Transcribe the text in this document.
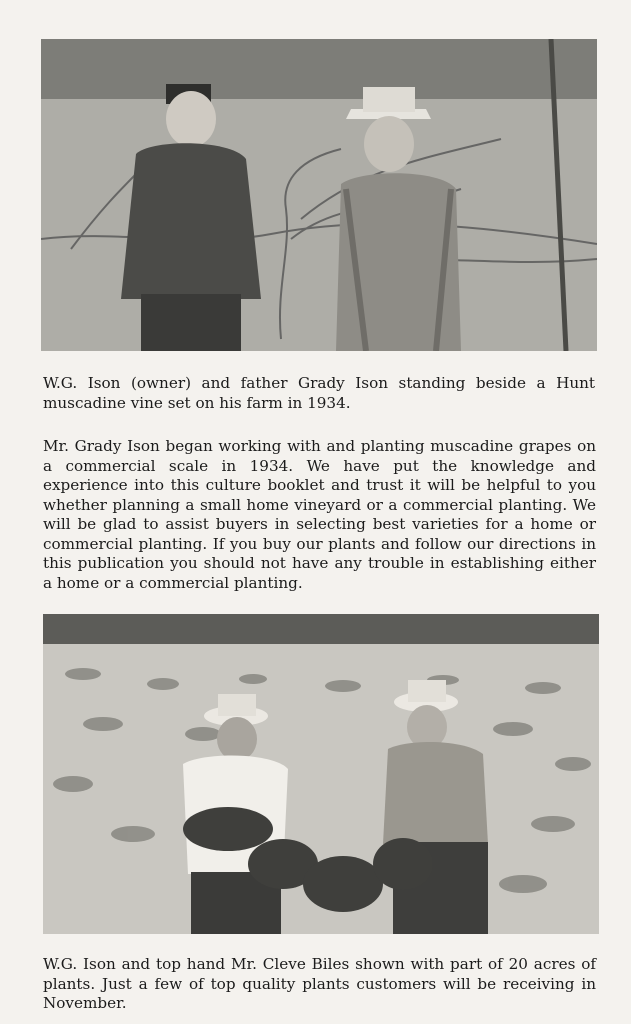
W.G. Ison (owner) and father Grady Ison standing beside a Hunt muscadine vine set on his farm in 1934.

Mr. Grady Ison began working with and planting muscadine grapes on a commercial scale in 1934. We have put the knowledge and experience into this culture booklet and trust it will be helpful to you whether planning a small home vineyard or a commercial planting. We will be glad to assist buyers in selecting best varieties for a home or commercial planting. If you buy our plants and follow our directions in this publication you should not have any trouble in establishing either a home or a commercial planting.

W.G. Ison and top hand Mr. Cleve Biles shown with part of 20 acres of plants. Just a few of top quality plants customers will be receiving in November.
